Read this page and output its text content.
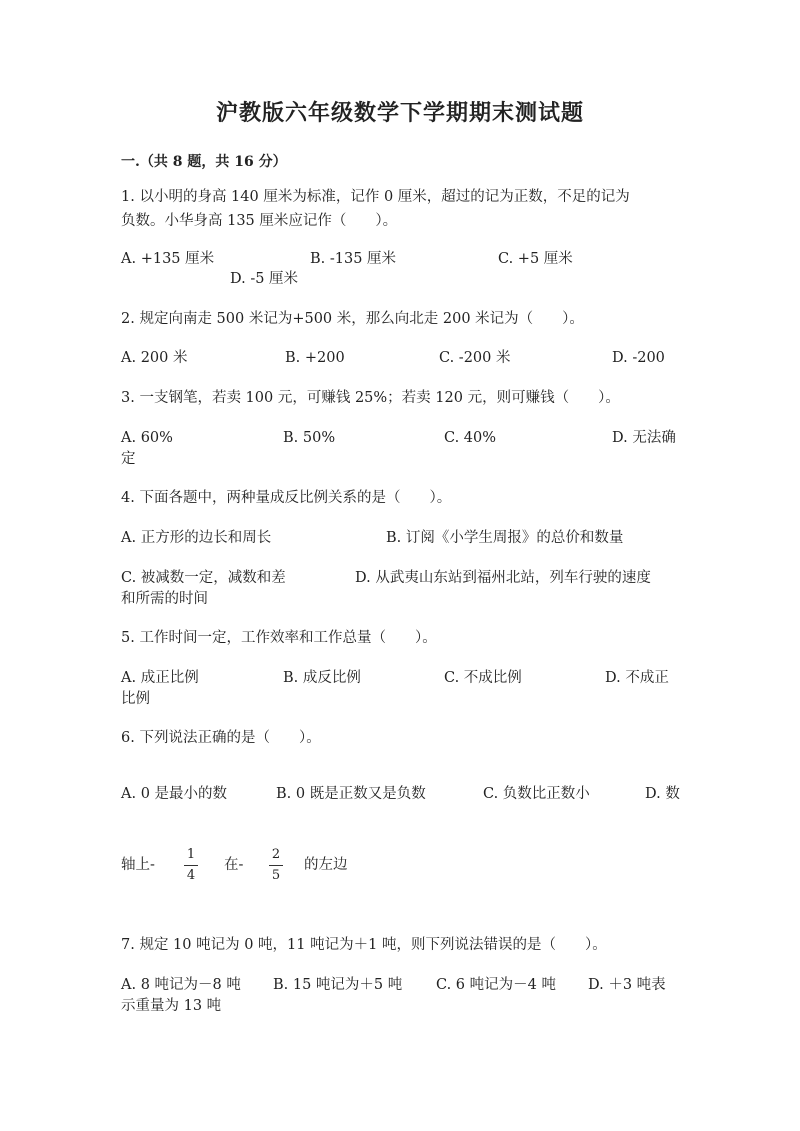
沪教版六年级数学下学期期末测试题
一.（共 8 题，共 16 分）
1. 以小明的身高 140 厘米为标准，记作 0 厘米，超过的记为正数，不足的记为
负数。小华身高 135 厘米应记作（　　）。
A. +135 厘米	B. -135 厘米	C. +5 厘米
D. -5 厘米
2. 规定向南走 500 米记为+500 米，那么向北走 200 米记为（　　）。
A. 200 米	B. +200	C. -200 米	D. -200
3. 一支钢笔，若卖 100 元，可赚钱 25%；若卖 120 元，则可赚钱（　　）。
A. 60%	B. 50%	C. 40%	D. 无法确
定
4. 下面各题中，两种量成反比例关系的是（　　）。
A. 正方形的边长和周长	B. 订阅《小学生周报》的总价和数量
C. 被减数一定，减数和差	D. 从武夷山东站到福州北站，列车行驶的速度
和所需的时间
5. 工作时间一定，工作效率和工作总量（　　）。
A. 成正比例	B. 成反比例	C. 不成比例	D. 不成正
比例
6. 下列说法正确的是（　　）。
A. 0 是最小的数	B. 0 既是正数又是负数	C. 负数比正数小	D. 数
轴上-
1
4
在-
2
5
的左边
7. 规定 10 吨记为 0 吨，11 吨记为＋1 吨，则下列说法错误的是（　　）。
A. 8 吨记为－8 吨 B. 15 吨记为＋5 吨 C. 6 吨记为－4 吨 D. ＋3 吨表
示重量为 13 吨
